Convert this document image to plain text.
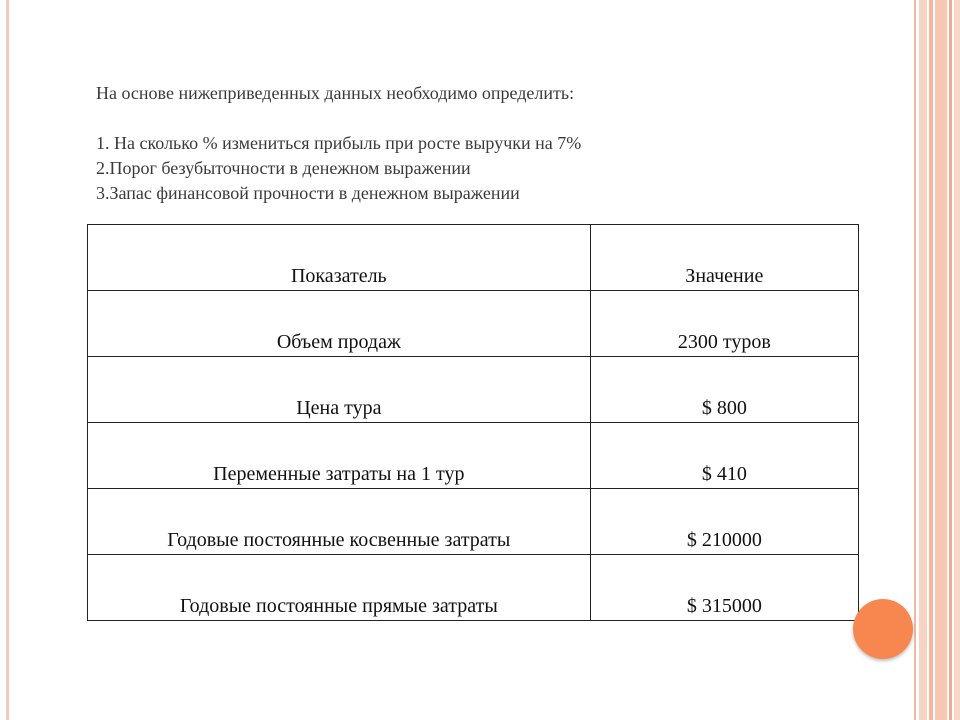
На основе нижеприведенных данных необходимо определить:
1. На сколько % измениться прибыль при росте выручки на 7%
2.Порог безубыточности в денежном выражении
3.Запас финансовой прочности в денежном выражении
Показатель	Значение
Объем продаж	2300 туров
Цена тура	$ 800
Переменные затраты на 1 тур	$ 410
Годовые постоянные косвенные затраты	$ 210000
Годовые постоянные прямые затраты	$ 315000
